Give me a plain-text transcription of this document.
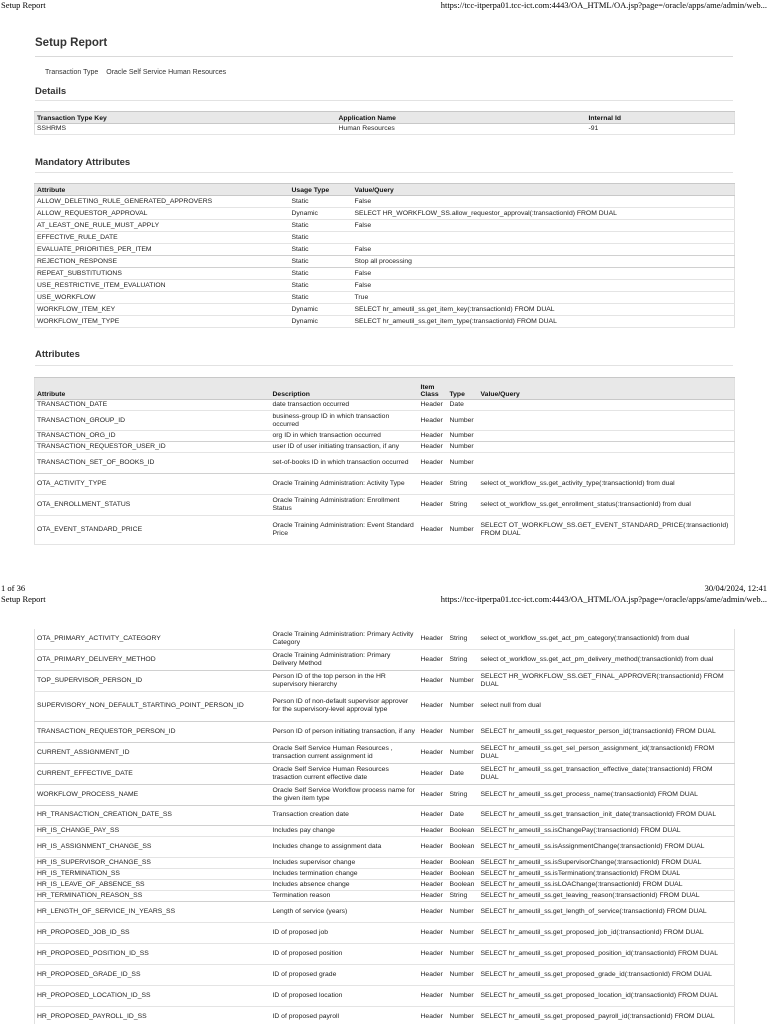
Setup Report	https://tcc-itperpa01.tcc-ict.com:4443/OA_HTML/OA.jsp?page=/oracle/apps/ame/admin/web...
Setup Report
Transaction Type Oracle Self Service Human Resources
Details
Transaction Type Key	Application Name	Internal Id
SSHRMS	Human Resources	-91
Mandatory Attributes
Attribute	Usage Type	Value/Query
ALLOW_DELETING_RULE_GENERATED_APPROVERS	Static	False
ALLOW_REQUESTOR_APPROVAL	Dynamic	SELECT HR_WORKFLOW_SS.allow_requestor_approval(:transactionId) FROM DUAL
AT_LEAST_ONE_RULE_MUST_APPLY	Static	False
EFFECTIVE_RULE_DATE	Static	
EVALUATE_PRIORITIES_PER_ITEM	Static	False
REJECTION_RESPONSE	Static	Stop all processing
REPEAT_SUBSTITUTIONS	Static	False
USE_RESTRICTIVE_ITEM_EVALUATION	Static	False
USE_WORKFLOW	Static	True
WORKFLOW_ITEM_KEY	Dynamic	SELECT hr_ameutil_ss.get_item_key(:transactionId) FROM DUAL
WORKFLOW_ITEM_TYPE	Dynamic	SELECT hr_ameutil_ss.get_item_type(:transactionId) FROM DUAL
Attributes
Attribute	Description	Item Class	Type	Value/Query
TRANSACTION_DATE	date transaction occurred	Header	Date	
TRANSACTION_GROUP_ID	business-group ID in which transaction occurred	Header	Number	
TRANSACTION_ORG_ID	org ID in which transaction occurred	Header	Number	
TRANSACTION_REQUESTOR_USER_ID	user ID of user initiating transaction, if any	Header	Number	
TRANSACTION_SET_OF_BOOKS_ID	set-of-books ID in which transaction occurred	Header	Number	
OTA_ACTIVITY_TYPE	Oracle Training Administration: Activity Type	Header	String	select ot_workflow_ss.get_activity_type(:transactionId) from dual
OTA_ENROLLMENT_STATUS	Oracle Training Administration: Enrollment Status	Header	String	select ot_workflow_ss.get_enrollment_status(:transactionId) from dual
OTA_EVENT_STANDARD_PRICE	Oracle Training Administration: Event Standard Price	Header	Number	SELECT OT_WORKFLOW_SS.GET_EVENT_STANDARD_PRICE(:transactionId) FROM DUAL
1 of 36	30/04/2024, 12:41
Setup Report	https://tcc-itperpa01.tcc-ict.com:4443/OA_HTML/OA.jsp?page=/oracle/apps/ame/admin/web...
OTA_PRIMARY_ACTIVITY_CATEGORY	Oracle Training Administration: Primary Activity Category	Header	String	select ot_workflow_ss.get_act_pm_category(:transactionId) from dual
OTA_PRIMARY_DELIVERY_METHOD	Oracle Training Administration: Primary Delivery Method	Header	String	select ot_workflow_ss.get_act_pm_delivery_method(:transactionId) from dual
TOP_SUPERVISOR_PERSON_ID	Person ID of the top person in the HR supervisory hierarchy	Header	Number	SELECT HR_WORKFLOW_SS.GET_FINAL_APPROVER(:transactionId) FROM DUAL
SUPERVISORY_NON_DEFAULT_STARTING_POINT_PERSON_ID	Person ID of non-default supervisor approver for the supervisory-level approval type	Header	Number	select null from dual
TRANSACTION_REQUESTOR_PERSON_ID	Person ID of person initiating transaction, if any	Header	Number	SELECT hr_ameutil_ss.get_requestor_person_id(:transactionId) FROM DUAL
CURRENT_ASSIGNMENT_ID	Oracle Self Service Human Resources , transaction current assignment id	Header	Number	SELECT hr_ameutil_ss.get_sel_person_assignment_id(:transactionId) FROM DUAL
CURRENT_EFFECTIVE_DATE	Oracle Self Service Human Resources trasaction current effective date	Header	Date	SELECT hr_ameutil_ss.get_transaction_effective_date(:transactionId) FROM DUAL
WORKFLOW_PROCESS_NAME	Oracle Self Service Workflow process name for the given item type	Header	String	SELECT hr_ameutil_ss.get_process_name(:transactionId) FROM DUAL
HR_TRANSACTION_CREATION_DATE_SS	Transaction creation date	Header	Date	SELECT hr_ameutil_ss.get_transaction_init_date(:transactionId) FROM DUAL
HR_IS_CHANGE_PAY_SS	Includes pay change	Header	Boolean	SELECT hr_ameutil_ss.isChangePay(:transactionId) FROM DUAL
HR_IS_ASSIGNMENT_CHANGE_SS	Includes change to assignment data	Header	Boolean	SELECT hr_ameutil_ss.isAssignmentChange(:transactionId) FROM DUAL
HR_IS_SUPERVISOR_CHANGE_SS	Includes supervisor change	Header	Boolean	SELECT hr_ameutil_ss.isSupervisorChange(:transactionId) FROM DUAL
HR_IS_TERMINATION_SS	Includes termination change	Header	Boolean	SELECT hr_ameutil_ss.isTermination(:transactionId) FROM DUAL
HR_IS_LEAVE_OF_ABSENCE_SS	Includes absence change	Header	Boolean	SELECT hr_ameutil_ss.isLOAChange(:transactionId) FROM DUAL
HR_TERMINATION_REASON_SS	Termination reason	Header	String	SELECT hr_ameutil_ss.get_leaving_reason(:transactionId) FROM DUAL
HR_LENGTH_OF_SERVICE_IN_YEARS_SS	Length of service (years)	Header	Number	SELECT hr_ameutil_ss.get_length_of_service(:transactionId) FROM DUAL
HR_PROPOSED_JOB_ID_SS	ID of proposed job	Header	Number	SELECT hr_ameutil_ss.get_proposed_job_id(:transactionId) FROM DUAL
HR_PROPOSED_POSITION_ID_SS	ID of proposed position	Header	Number	SELECT hr_ameutil_ss.get_proposed_position_id(:transactionId) FROM DUAL
HR_PROPOSED_GRADE_ID_SS	ID of proposed grade	Header	Number	SELECT hr_ameutil_ss.get_proposed_grade_id(:transactionId) FROM DUAL
HR_PROPOSED_LOCATION_ID_SS	ID of proposed location	Header	Number	SELECT hr_ameutil_ss.get_proposed_location_id(:transactionId) FROM DUAL
HR_PROPOSED_PAYROLL_ID_SS	ID of proposed payroll	Header	Number	SELECT hr_ameutil_ss.get_proposed_payroll_id(:transactionId) FROM DUAL
